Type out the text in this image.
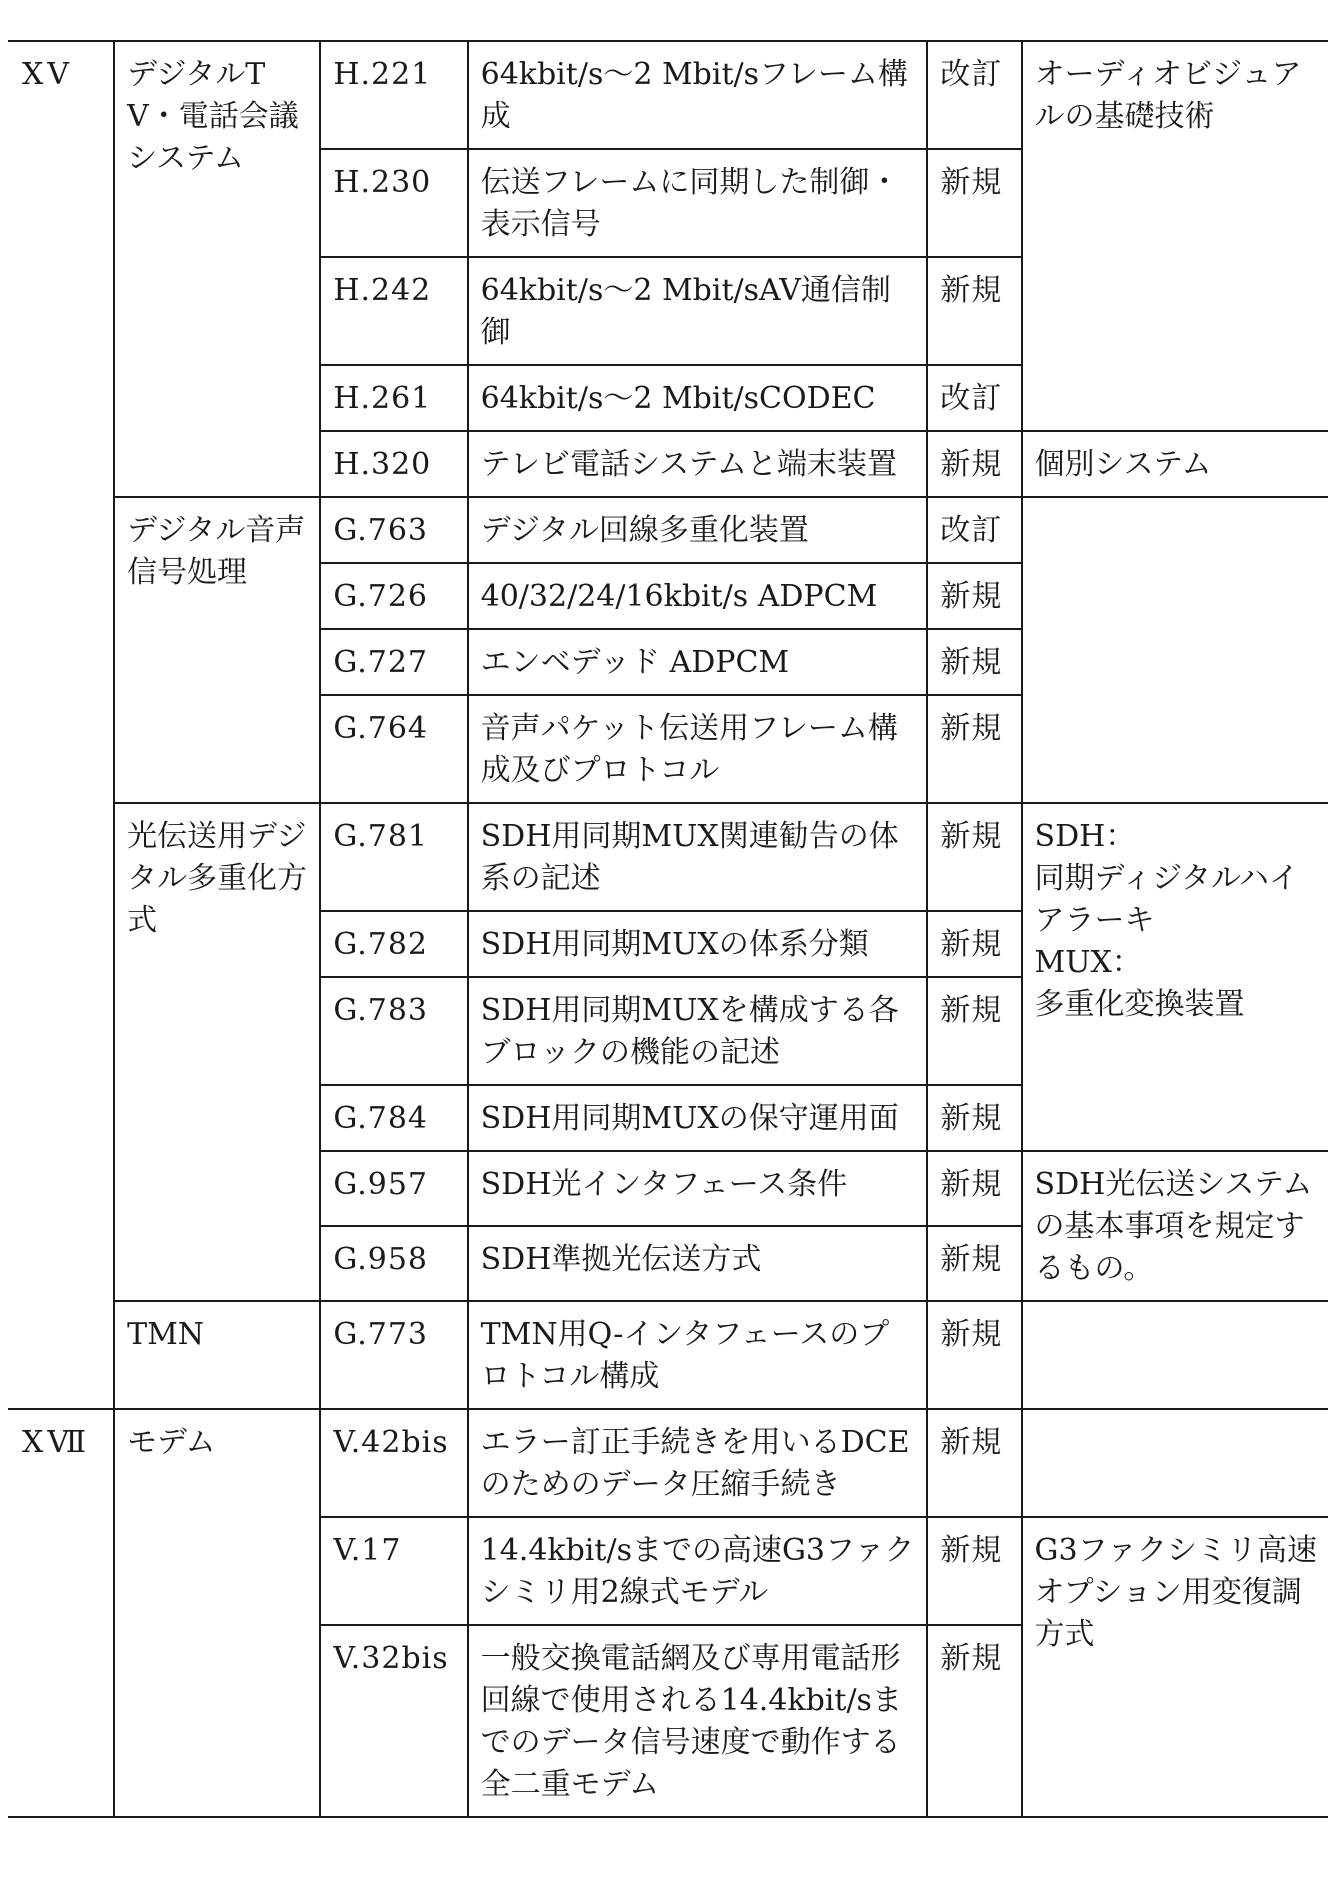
XⅤ	デジタルTV・電話会議システム	H.221	64kbit/s～2 Mbit/sフレーム構成	改訂	オーディオビジュアルの基礎技術

		H.230	伝送フレームに同期した制御・表示信号	新規	

		H.242	64kbit/s～2 Mbit/sAV通信制御	新規	

		H.261	64kbit/s～2 Mbit/sCODEC	改訂	

		H.320	テレビ電話システムと端末装置	新規	個別システム

	デジタル音声信号処理	G.763	デジタル回線多重化装置	改訂	

		G.726	40/32/24/16kbit/s ADPCM	新規	

		G.727	エンベデッド ADPCM	新規	

		G.764	音声パケット伝送用フレーム構成及びプロトコル	新規	

	光伝送用デジタル多重化方式	G.781	SDH用同期MUX関連勧告の体系の記述	新規	SDH：
同期ディジタルハイアラーキ
MUX：
多重化変換装置

		G.782	SDH用同期MUXの体系分類	新規	

		G.783	SDH用同期MUXを構成する各ブロックの機能の記述	新規	

		G.784	SDH用同期MUXの保守運用面	新規	

		G.957	SDH光インタフェース条件	新規	SDH光伝送システムの基本事項を規定するもの。

		G.958	SDH準拠光伝送方式	新規	

	TMN	G.773	TMN用Q-インタフェースのプロトコル構成	新規	

XⅦ	モデム	V.42bis	エラー訂正手続きを用いるDCEのためのデータ圧縮手続き	新規	

		V.17	14.4kbit/sまでの高速G3ファクシミリ用2線式モデル	新規	G3ファクシミリ高速オプション用変復調方式

		V.32bis	一般交換電話網及び専用電話形回線で使用される14.4kbit/sまでのデータ信号速度で動作する全二重モデム	新規	
